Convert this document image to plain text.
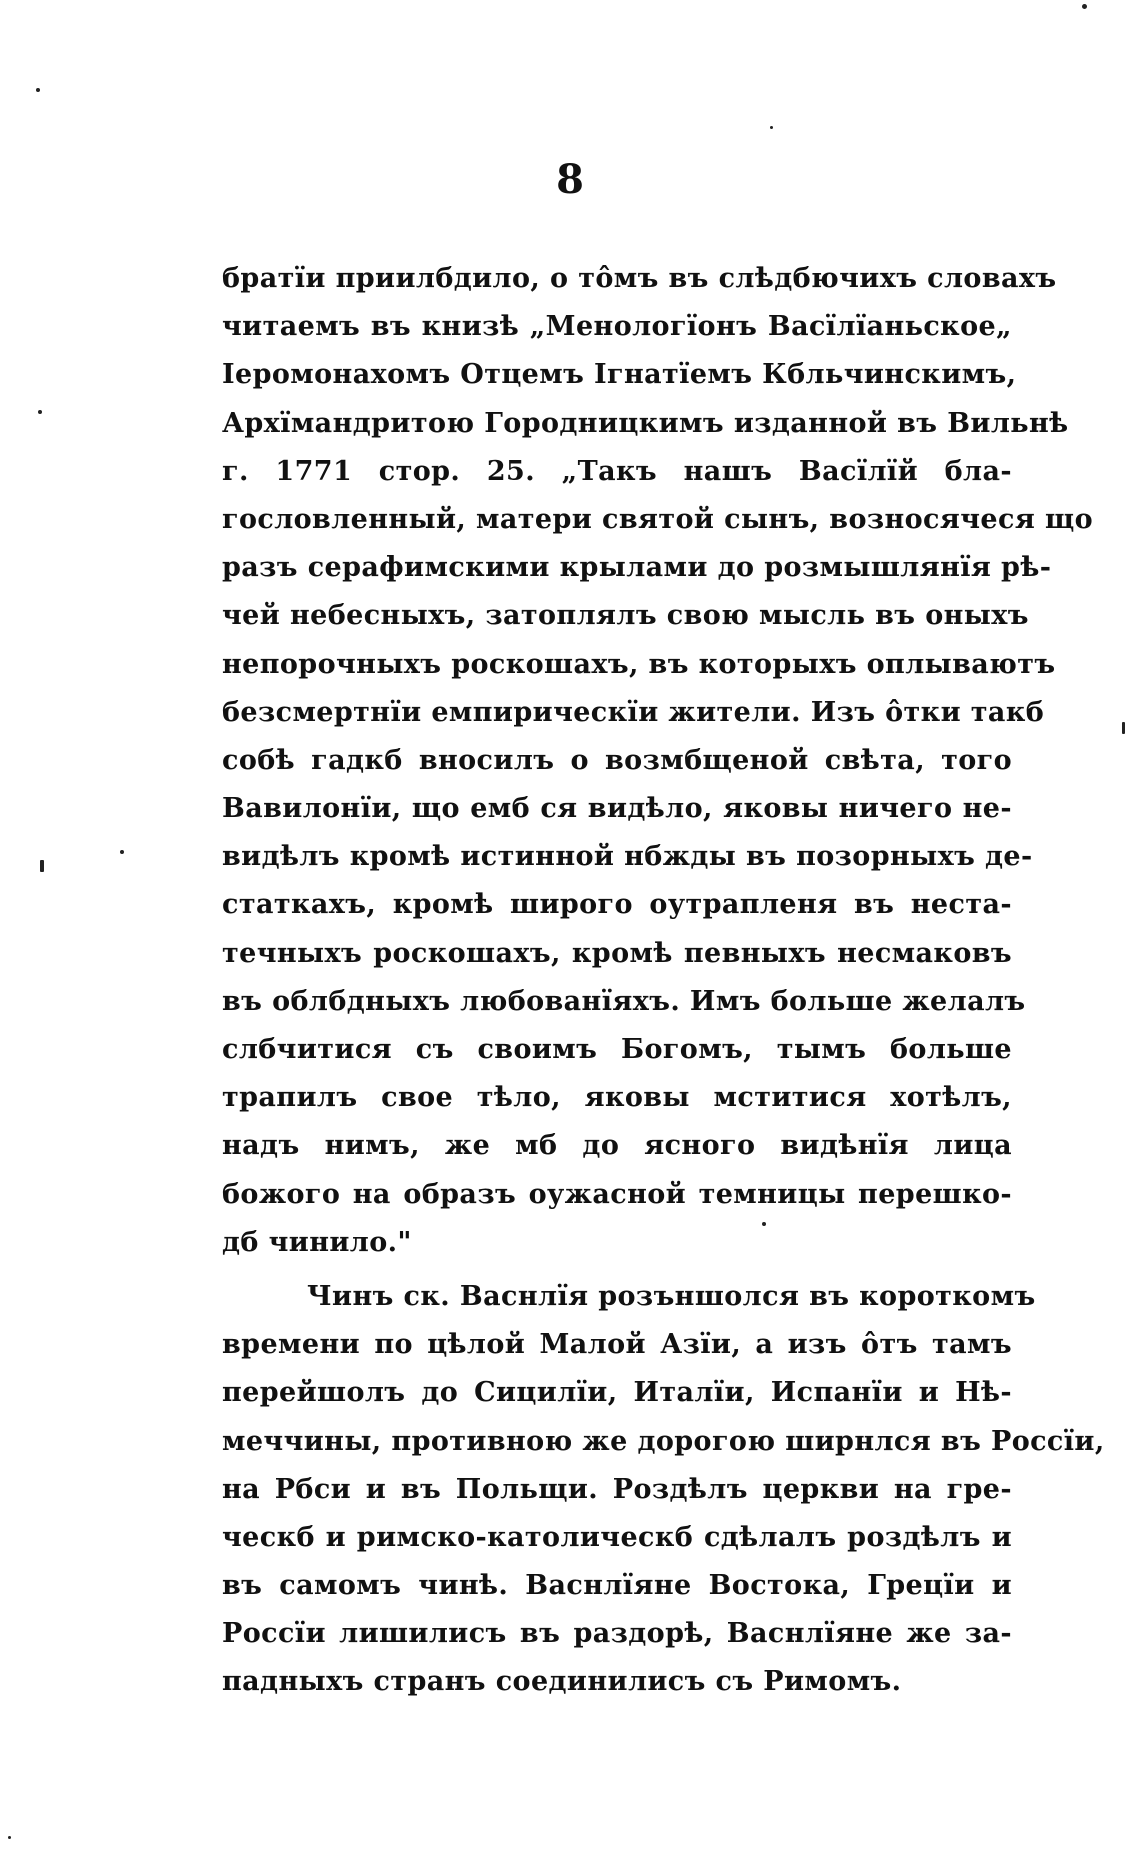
8
братїи приилбдило, о то̂мъ въ слѣдбючихъ словахъ
читаемъ въ книзѣ „Менологїонъ Васїлїаньское„
Іеромонахомъ Отцемъ Ігнатїемъ Кбльчинскимъ,
Архїмандритою Городницкимъ изданной въ Вильнѣ
г. 1771 стор. 25. „Такъ нашъ Васїлїй бла-
гословленный, матери святой сынъ, возносячеся що
разъ серафимскими крылами до розмышлянїя рѣ-
чей небесныхъ, затоплялъ свою мысль въ оныхъ
непорочныхъ роскошахъ, въ которыхъ оплываютъ
безсмертнїи емпирическїи жители. Изъ о̂тки такб
собѣ гадкб вносилъ о возмбщеной свѣта, того
Вавилонїи, що емб ся видѣло, яковы ничего не-
видѣлъ кромѣ истинной нбжды въ позорныхъ де-
статкахъ, кромѣ широго оутрапленя въ неста-
течныхъ роскошахъ, кромѣ певныхъ несмаковъ
въ облбдныхъ любованїяхъ. Имъ больше желалъ
слбчитися съ своимъ Богомъ, тымъ больше
трапилъ свое тѣло, яковы мститися хотѣлъ,
надъ нимъ, же мб до ясного видѣнїя лица
божого на образъ оужасной темницы перешко-
дб чинило."
Чинъ ск. Васнлїя розъншолся въ короткомъ
времени по цѣлой Малой Азїи, а изъ о̂тъ тамъ
перейшолъ до Сицилїи, Италїи, Испанїи и Нѣ-
меччины, противною же дорогою ширнлся въ Россїи,
на Рбси и въ Польщи. Роздѣлъ церкви на гре-
ческб и римско-католическб сдѣлалъ роздѣлъ и
въ самомъ чинѣ. Васнлїяне Востока, Грецїи и
Россїи лишилисъ въ раздорѣ, Васнлїяне же за-
падныхъ странъ соединилисъ съ Римомъ.
